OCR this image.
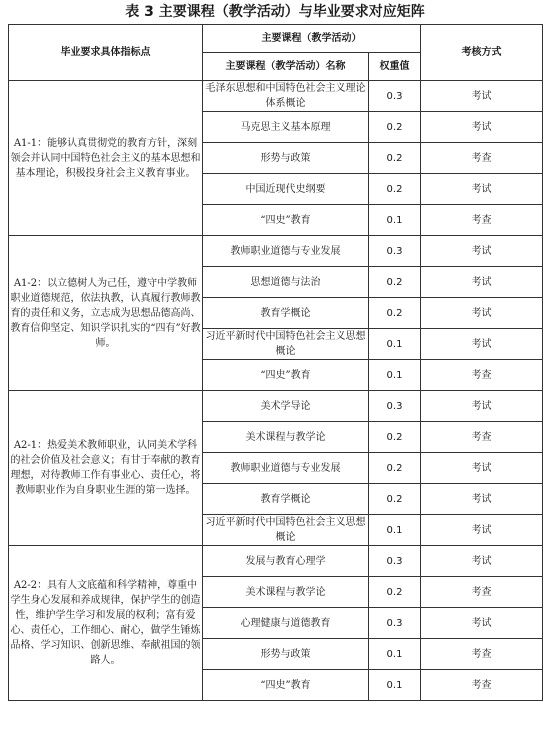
表 3 主要课程（教学活动）与毕业要求对应矩阵
毕业要求具体指标点	主要课程（教学活动）		考核方式
	主要课程（教学活动）名称	权重值	
A1-1：能够认真贯彻党的教育方针，深刻领会并认同中国特色社会主义的基本思想和基本理论，积极投身社会主义教育事业。	毛泽东思想和中国特色社会主义理论体系概论	0.3	考试
	马克思主义基本原理	0.2	考试
	形势与政策	0.2	考查
	中国近现代史纲要	0.2	考试
	“四史”教育	0.1	考查
A1-2：以立德树人为己任，遵守中学教师职业道德规范，依法执教，认真履行教师教育的责任和义务，立志成为思想品德高尚、教育信仰坚定、知识学识扎实的“四有”好教师。	教师职业道德与专业发展	0.3	考试
	思想道德与法治	0.2	考试
	教育学概论	0.2	考试
	习近平新时代中国特色社会主义思想概论	0.1	考试
	“四史”教育	0.1	考查
A2-1：热爱美术教师职业，认同美术学科的社会价值及社会意义；有甘于奉献的教育理想，对待教师工作有事业心、责任心，将教师职业作为自身职业生涯的第一选择。	美术学导论	0.3	考试
	美术课程与教学论	0.2	考查
	教师职业道德与专业发展	0.2	考试
	教育学概论	0.2	考试
	习近平新时代中国特色社会主义思想概论	0.1	考试
A2-2：具有人文底蕴和科学精神，尊重中学生身心发展和养成规律，保护学生的创造性，维护学生学习和发展的权利；富有爱心、责任心，工作细心、耐心，做学生锤炼品格、学习知识、创新思维、奉献祖国的领路人。	发展与教育心理学	0.3	考试
	美术课程与教学论	0.2	考查
	心理健康与道德教育	0.3	考试
	形势与政策	0.1	考查
	“四史”教育	0.1	考查
